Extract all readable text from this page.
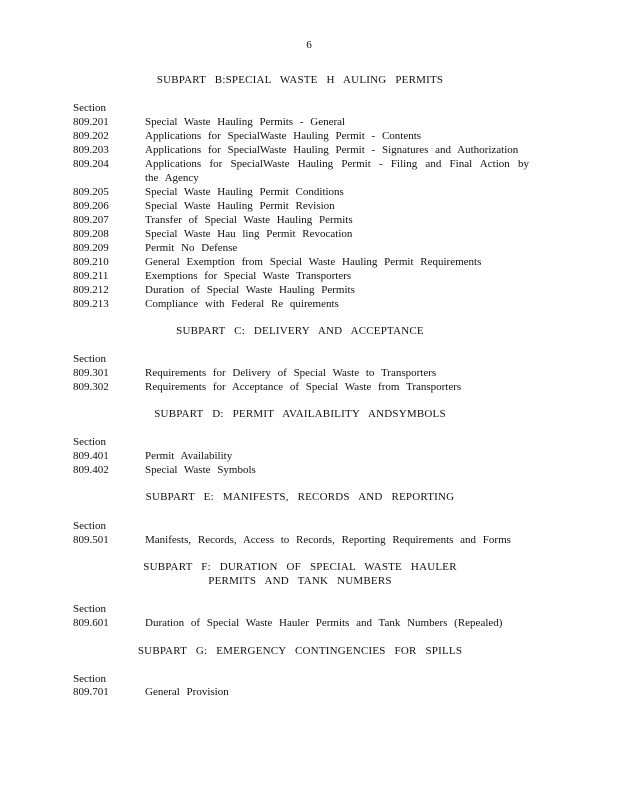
6
SUBPART B:SPECIAL WASTE H AULING PERMITS
Section
809.201	Special Waste Hauling Permits - General
809.202	Applications for SpecialWaste Hauling Permit - Contents
809.203	Applications for SpecialWaste Hauling Permit - Signatures and Authorization
809.204	Applications for SpecialWaste Hauling Permit - Filing and Final Action by the Agency
809.205	Special Waste Hauling Permit Conditions
809.206	Special Waste Hauling Permit Revision
809.207	Transfer of Special Waste Hauling Permits
809.208	Special Waste Hau ling Permit Revocation
809.209	Permit No Defense
809.210	General Exemption from Special Waste Hauling Permit Requirements
809.211	Exemptions for Special Waste Transporters
809.212	Duration of Special Waste Hauling Permits
809.213	Compliance with Federal Re quirements
SUBPART C: DELIVERY AND ACCEPTANCE
Section
809.301	Requirements for Delivery of Special Waste to Transporters
809.302	Requirements for Acceptance of Special Waste from Transporters
SUBPART D: PERMIT AVAILABILITY ANDSYMBOLS
Section
809.401	Permit Availability
809.402	Special Waste Symbols
SUBPART E: MANIFESTS, RECORDS AND REPORTING
Section
809.501	Manifests, Records, Access to Records, Reporting Requirements and Forms
SUBPART F: DURATION OF SPECIAL WASTE HAULER
PERMITS AND TANK NUMBERS
Section
809.601	Duration of Special Waste Hauler Permits and Tank Numbers (Repealed)
SUBPART G: EMERGENCY CONTINGENCIES FOR SPILLS
Section
809.701	General Provision
